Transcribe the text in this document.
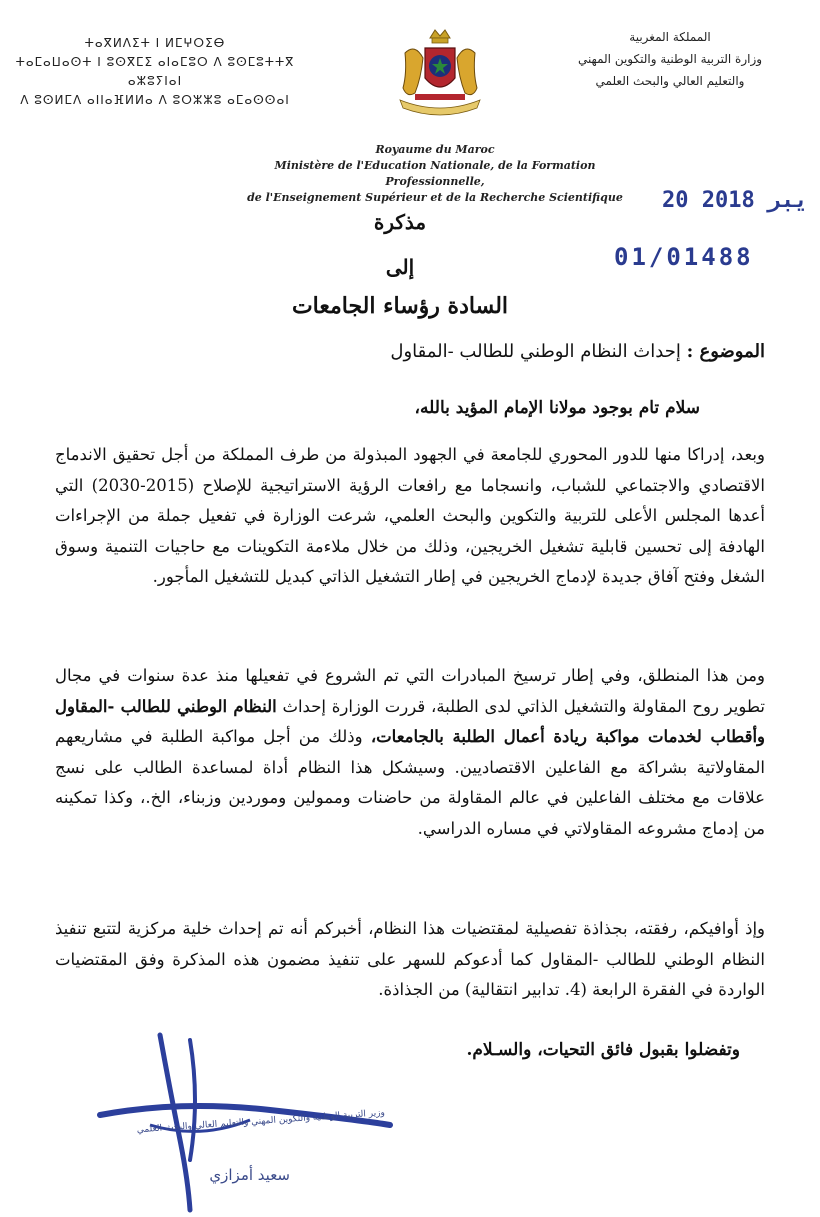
ⵜⴰⴳⵍⴷⵉⵜ ⵏ ⵍⵎⵖⵔⵉⴱ
ⵜⴰⵎⴰⵡⴰⵙⵜ ⵏ ⵓⵙⴳⵎⵉ ⴰⵏⴰⵎⵓⵔ ⴷ ⵓⵙⵎⵓⵜⵜⴳ ⴰⵣⵓⵢⵏⴰⵏ
ⴷ ⵓⵙⵍⵎⴷ ⴰⵏⵏⴰⴼⵍⵍⴰ ⴷ ⵓⵔⵣⵣⵓ ⴰⵎⴰⵙⵙⴰⵏ
المملكة المغربية
وزارة التربية الوطنية والتكوين المهني
والتعليم العالي والبحث العلمي
Royaume du Maroc
Ministère de l'Education Nationale, de la Formation Professionnelle,
de l'Enseignement Supérieur et de la Recherche Scientifique	20 يبر 2018
01/01488
مذكرة
إلى
السادة رؤساء الجامعات
الموضوع : إحداث النظام الوطني للطالب -المقاول
سلام تام بوجود مولانا الإمام المؤيد بالله،
وبعد، إدراكا منها للدور المحوري للجامعة في الجهود المبذولة من طرف المملكة من أجل تحقيق الاندماج الاقتصادي والاجتماعي للشباب، وانسجاما مع رافعات الرؤية الاستراتيجية للإصلاح (2015-2030) التي أعدها المجلس الأعلى للتربية والتكوين والبحث العلمي، شرعت الوزارة في تفعيل جملة من الإجراءات الهادفة إلى تحسين قابلية تشغيل الخريجين، وذلك من خلال ملاءمة التكوينات مع حاجيات التنمية وسوق الشغل وفتح آفاق جديدة لإدماج الخريجين في إطار التشغيل الذاتي كبديل للتشغيل المأجور.
ومن هذا المنطلق، وفي إطار ترسيخ المبادرات التي تم الشروع في تفعيلها منذ عدة سنوات في مجال تطوير روح المقاولة والتشغيل الذاتي لدى الطلبة، قررت الوزارة إحداث النظام الوطني للطالب -المقاول وأقطاب لخدمات مواكبة ريادة أعمال الطلبة بالجامعات، وذلك من أجل مواكبة الطلبة في مشاريعهم المقاولاتية بشراكة مع الفاعلين الاقتصاديين. وسيشكل هذا النظام أداة لمساعدة الطالب على نسج علاقات مع مختلف الفاعلين في عالم المقاولة من حاضنات وممولين وموردين وزبناء، الخ.، وكذا تمكينه من إدماج مشروعه المقاولاتي في مساره الدراسي.
وإذ أوافيكم، رفقته، بجذاذة تفصيلية لمقتضيات هذا النظام، أخبركم أنه تم إحداث خلية مركزية لتتبع تنفيذ النظام الوطني للطالب -المقاول كما أدعوكم للسهر على تنفيذ مضمون هذه المذكرة وفق المقتضيات الواردة في الفقرة الرابعة (4. تدابير انتقالية) من الجذاذة.
وتفضلوا بقبول فائق التحيات، والسـلام.
وزير التربية الوطنية والتكوين المهني والتعليم العالي والبحث العلمي
سعيد أمزازي
